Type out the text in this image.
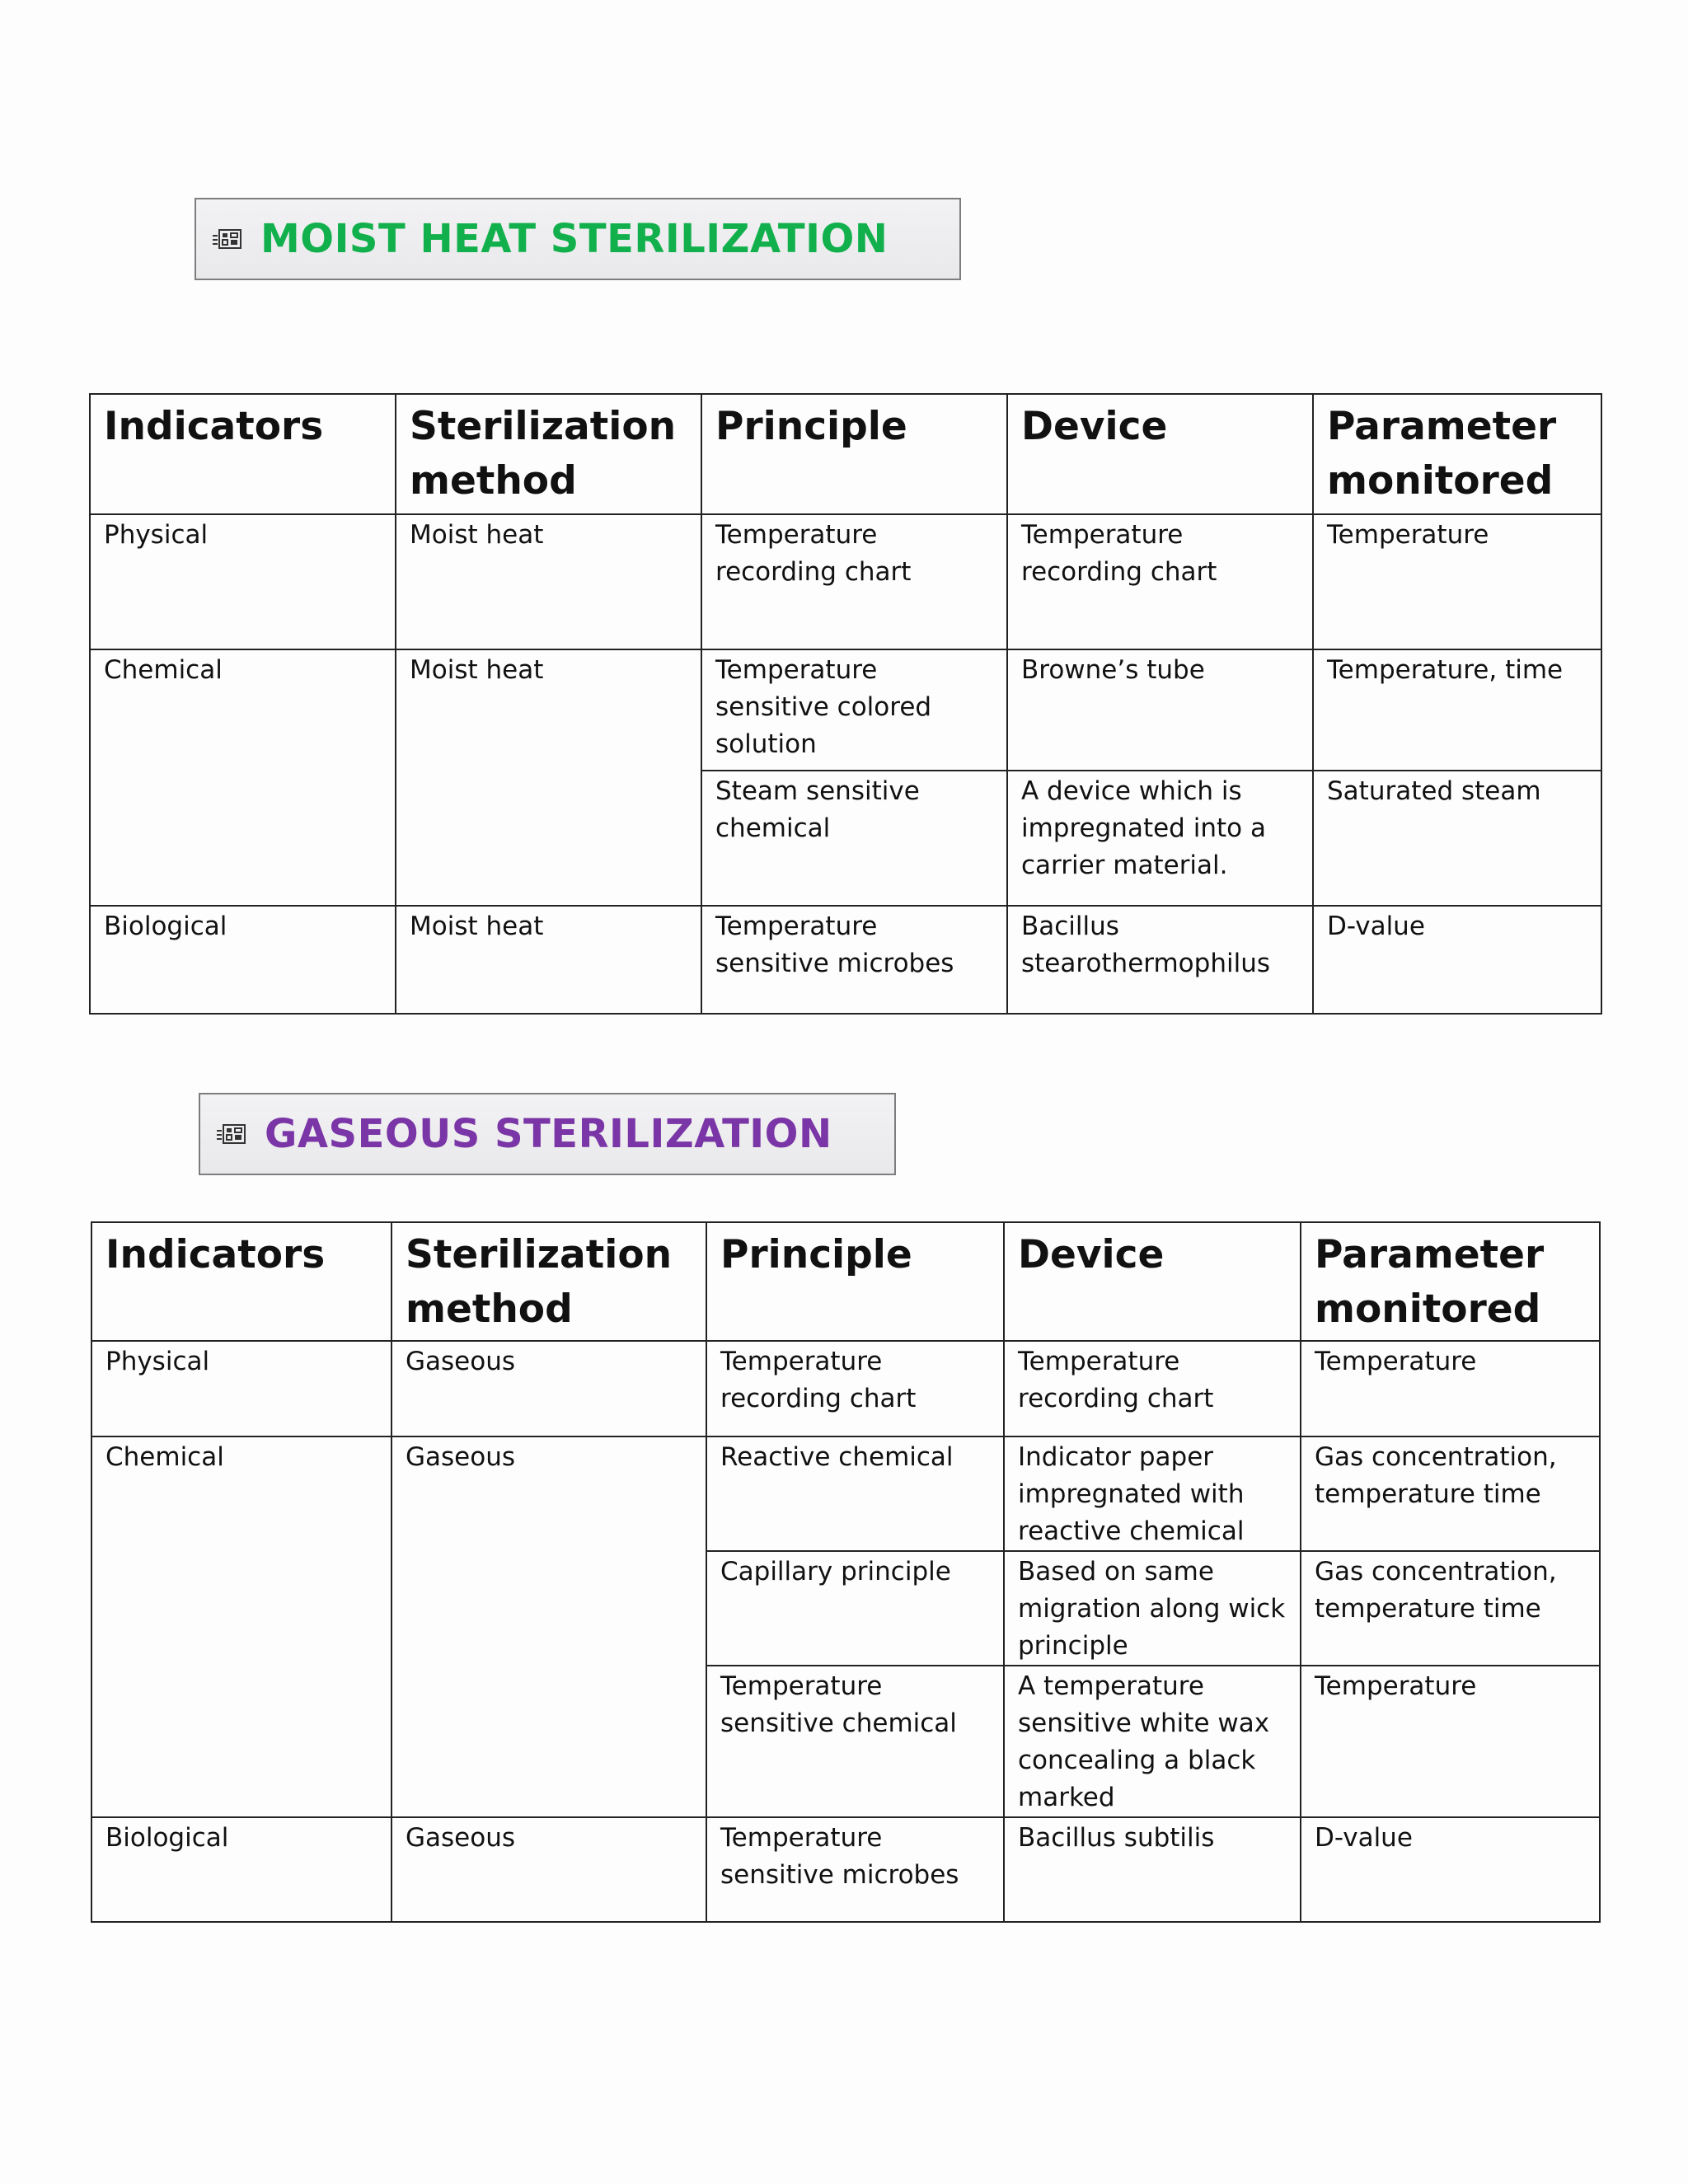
MOIST HEAT STERILIZATION
Indicators	Sterilization method	Principle	Device	Parameter monitored
Physical	Moist heat	Temperature recording chart	Temperature recording chart	Temperature
Chemical	Moist heat	Temperature sensitive colored solution	Browne’s tube	Temperature, time
		Steam sensitive chemical	A device which is impregnated into a carrier material.	Saturated steam
Biological	Moist heat	Temperature sensitive microbes	Bacillus stearothermophilus	D-value
GASEOUS STERILIZATION
Indicators	Sterilization method	Principle	Device	Parameter monitored
Physical	Gaseous	Temperature recording chart	Temperature recording chart	Temperature
Chemical	Gaseous	Reactive chemical	Indicator paper impregnated with reactive chemical	Gas concentration, temperature time
		Capillary principle	Based on same migration along wick principle	Gas concentration, temperature time
		Temperature sensitive chemical	A temperature sensitive white wax concealing a black marked	Temperature
Biological	Gaseous	Temperature sensitive microbes	Bacillus subtilis	D-value
